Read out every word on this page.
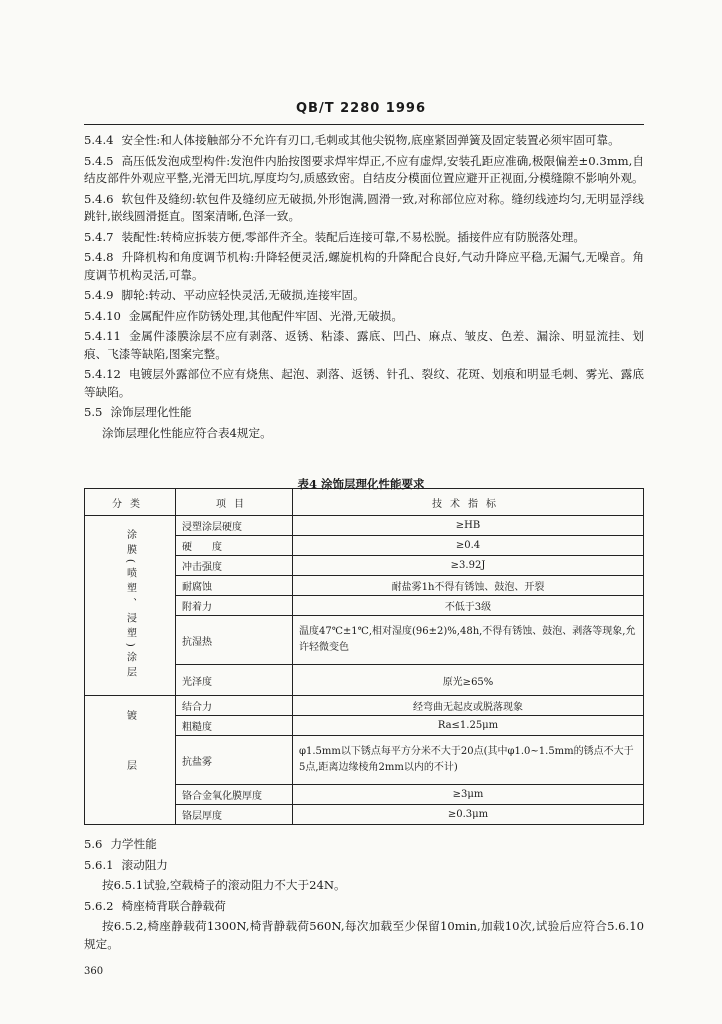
QB/T 2280 1996
5.4.4 安全性:和人体接触部分不允许有刃口,毛刺或其他尖锐物,底座紧固弹簧及固定装置必须牢固可靠。
5.4.5 高压低发泡成型构件:发泡件内胎按图要求焊牢焊正,不应有虚焊,安装孔距应准确,极限偏差±0.3mm,自结皮部件外观应平整,光滑无凹坑,厚度均匀,质感致密。自结皮分模面位置应避开正视面,分模缝隙不影响外观。
5.4.6 软包件及缝纫:软包件及缝纫应无破损,外形饱满,圆滑一致,对称部位应对称。缝纫线迹均匀,无明显浮线跳针,嵌线圆滑挺直。图案清晰,色泽一致。
5.4.7 装配性:转椅应拆装方便,零部件齐全。装配后连接可靠,不易松脱。插接件应有防脱落处理。
5.4.8 升降机构和角度调节机构:升降轻便灵活,螺旋机构的升降配合良好,气动升降应平稳,无漏气,无噪音。角度调节机构灵活,可靠。
5.4.9 脚轮:转动、平动应轻快灵活,无破损,连接牢固。
5.4.10 金属配件应作防锈处理,其他配件牢固、光滑,无破损。
5.4.11 金属件漆膜涂层不应有剥落、返锈、粘漆、露底、凹凸、麻点、皱皮、色差、漏涂、明显流挂、划痕、飞漆等缺陷,图案完整。
5.4.12 电镀层外露部位不应有烧焦、起泡、剥落、返锈、针孔、裂纹、花斑、划痕和明显毛刺、雾光、露底等缺陷。
5.5 涂饰层理化性能
涂饰层理化性能应符合表4规定。
表4 涂饰层理化性能要求
分类	项目	技术指标

涂膜(喷塑、浸塑)涂层	浸塑涂层硬度	≥HB
	硬　　度	≥0.4
	冲击强度	≥3.92J
	耐腐蚀	耐盐雾1h不得有锈蚀、鼓泡、开裂
	附着力	不低于3级
	抗湿热	温度47℃±1℃,相对湿度(96±2)%,48h,不得有锈蚀、鼓泡、剥落等现象,允许轻微变色
	光泽度	原光≥65%

镀层	结合力	经弯曲无起皮或脱落现象
	粗糙度	Ra≤1.25μm
	抗盐雾	φ1.5mm以下锈点每平方分米不大于20点(其中φ1.0~1.5mm的锈点不大于5点,距离边缘棱角2mm以内的不计)
	铬合金氧化膜厚度	≥3μm
	铬层厚度	≥0.3μm
5.6 力学性能
5.6.1 滚动阻力
按6.5.1试验,空载椅子的滚动阻力不大于24N。
5.6.2 椅座椅背联合静载荷
按6.5.2,椅座静载荷1300N,椅背静载荷560N,每次加载至少保留10min,加载10次,试验后应符合5.6.10规定。
360
